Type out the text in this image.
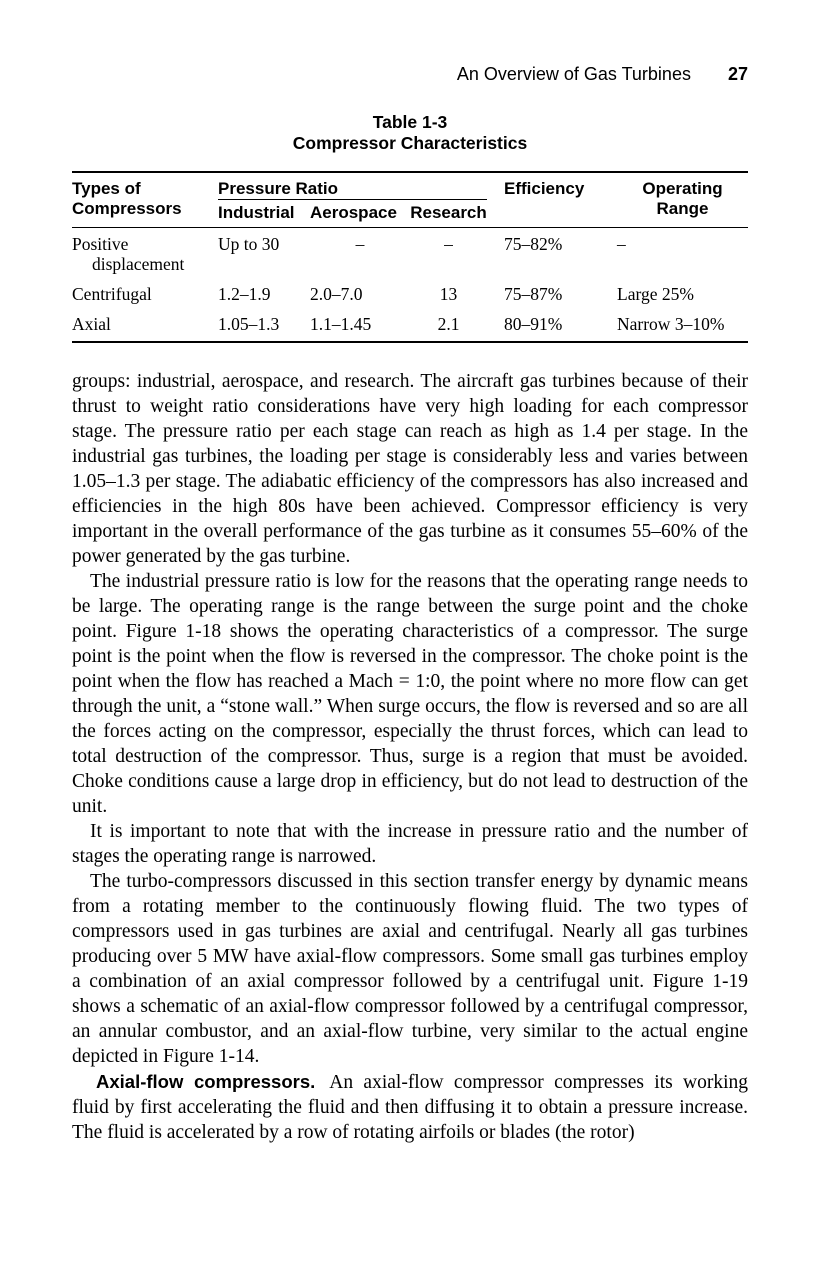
An Overview of Gas Turbines 27
Table 1-3
Compressor Characteristics
Types of
Compressors	Pressure Ratio			Efficiency	Operating
Range

	Industrial	Aerospace	Research		

Positive
displacement	Up to 30	–	–	75–82%	–
Centrifugal	1.2–1.9	2.0–7.0	13	75–87%	Large 25%
Axial	1.05–1.3	1.1–1.45	2.1	80–91%	Narrow 3–10%

groups: industrial, aerospace, and research. The aircraft gas turbines because of their thrust to weight ratio considerations have very high loading for each compressor stage. The pressure ratio per each stage can reach as high as 1.4 per stage. In the industrial gas turbines, the loading per stage is considerably less and varies between 1.05–1.3 per stage. The adiabatic efficiency of the compressors has also increased and efficiencies in the high 80s have been achieved. Compressor efficiency is very important in the overall performance of the gas turbine as it consumes 55–60% of the power generated by the gas turbine.

The industrial pressure ratio is low for the reasons that the operating range needs to be large. The operating range is the range between the surge point and the choke point. Figure 1-18 shows the operating characteristics of a compressor. The surge point is the point when the flow is reversed in the compressor. The choke point is the point when the flow has reached a Mach = 1:0, the point where no more flow can get through the unit, a “stone wall.” When surge occurs, the flow is reversed and so are all the forces acting on the compressor, especially the thrust forces, which can lead to total destruction of the compressor. Thus, surge is a region that must be avoided. Choke conditions cause a large drop in efficiency, but do not lead to destruction of the unit.

It is important to note that with the increase in pressure ratio and the number of stages the operating range is narrowed.

The turbo-compressors discussed in this section transfer energy by dynamic means from a rotating member to the continuously flowing fluid. The two types of compressors used in gas turbines are axial and centrifugal. Nearly all gas turbines producing over 5 MW have axial-flow compressors. Some small gas turbines employ a combination of an axial compressor followed by a centrifugal unit. Figure 1-19 shows a schematic of an axial-flow compressor followed by a centrifugal compressor, an annular combustor, and an axial-flow turbine, very similar to the actual engine depicted in Figure 1-14.

Axial-flow compressors. An axial-flow compressor compresses its working fluid by first accelerating the fluid and then diffusing it to obtain a pressure increase. The fluid is accelerated by a row of rotating airfoils or blades (the rotor)
